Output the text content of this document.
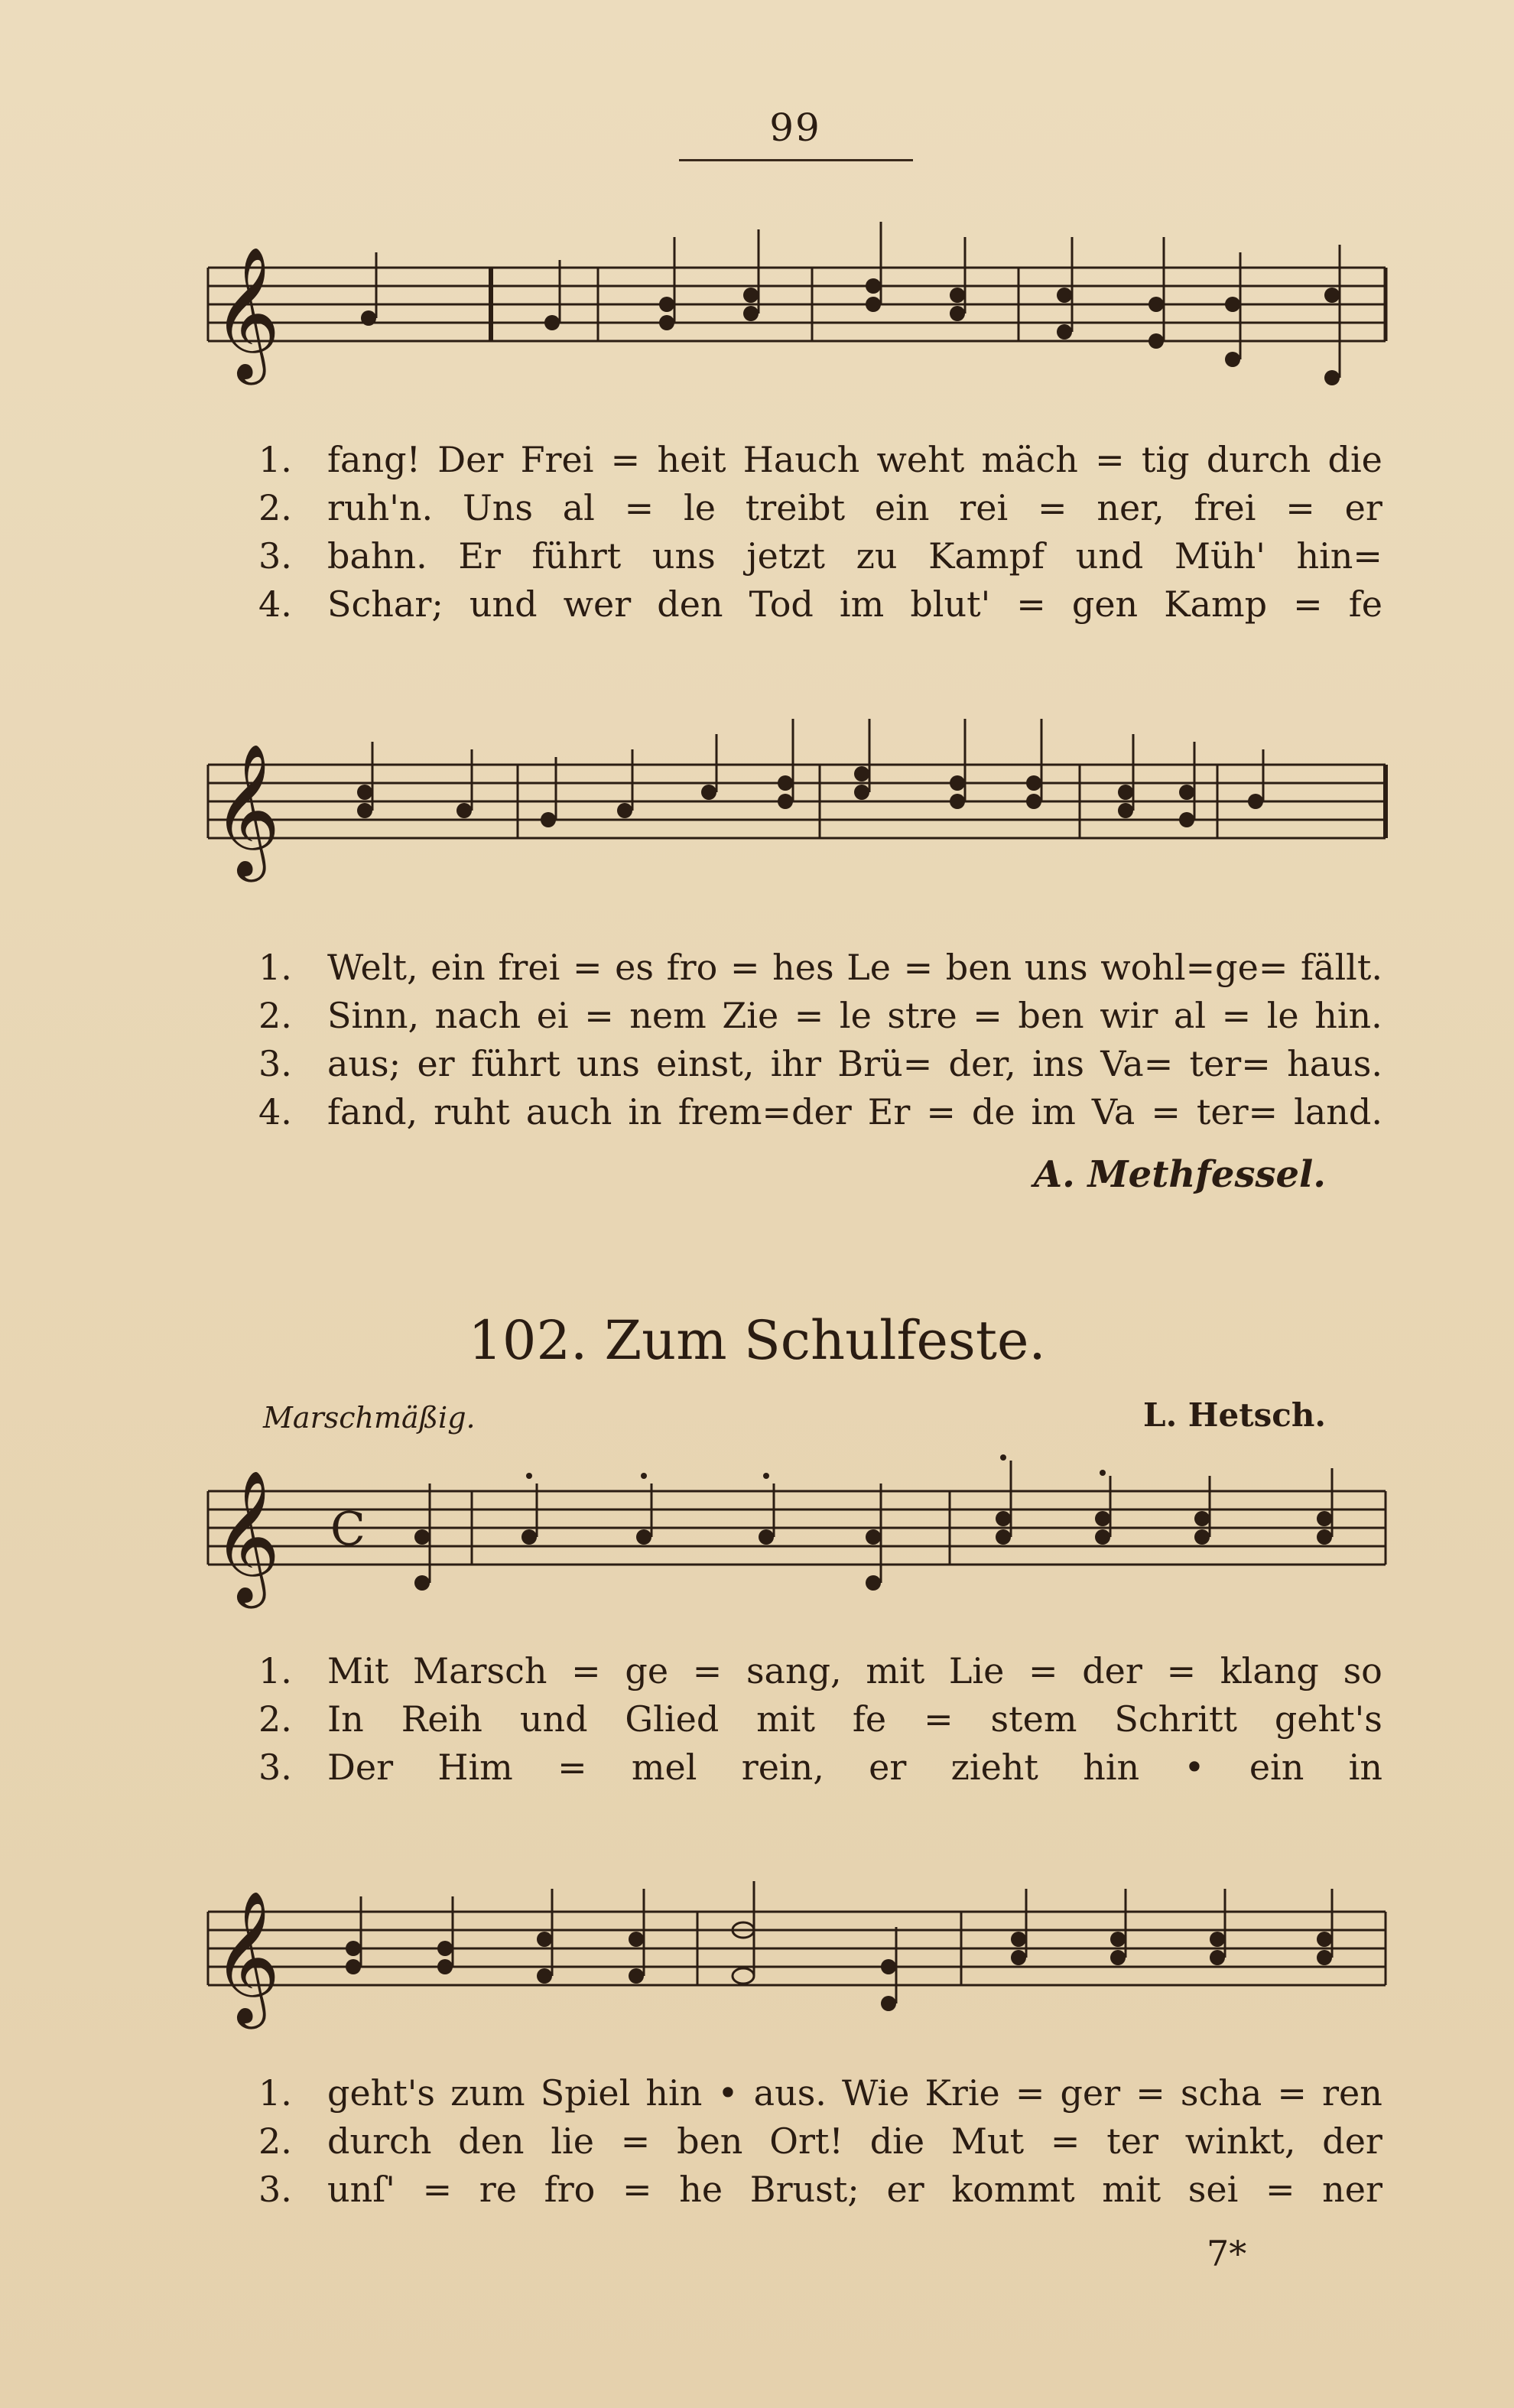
99
𝄞
1.	fang! Der Frei = heit Hauch weht mäch = tig durch die
2.	ruh'n. Uns al = le treibt ein rei = ner, frei = er
3.	bahn. Er führt uns jetzt zu Kampf und Müh' hin=
4.	Schar; und wer den Tod im blut' = gen Kamp = fe
𝄞
1.	Welt, ein frei = es fro = hes Le = ben uns wohl=ge= fällt.
2.	Sinn, nach ei = nem Zie = le stre = ben wir al = le hin.
3.	aus; er führt uns einst, ihr Brü= der, ins Va= ter= haus.
4.	fand, ruht auch in frem=der Er = de im Va = ter= land.
A. Methfessel.
102. Zum Schulfeste.
Marschmäßig.	L. Hetsch.
𝄞 C
1.	Mit Marsch = ge = sang, mit Lie = der = klang so
2.	In Reih und Glied mit fe = stem Schritt geht's
3.	Der Him = mel rein, er zieht hin • ein in
𝄞
1.	geht's zum Spiel hin • aus. Wie Krie = ger = scha = ren
2.	durch den lie = ben Ort! die Mut = ter winkt, der
3.	unſ' = re fro = he Brust; er kommt mit sei = ner
7*
